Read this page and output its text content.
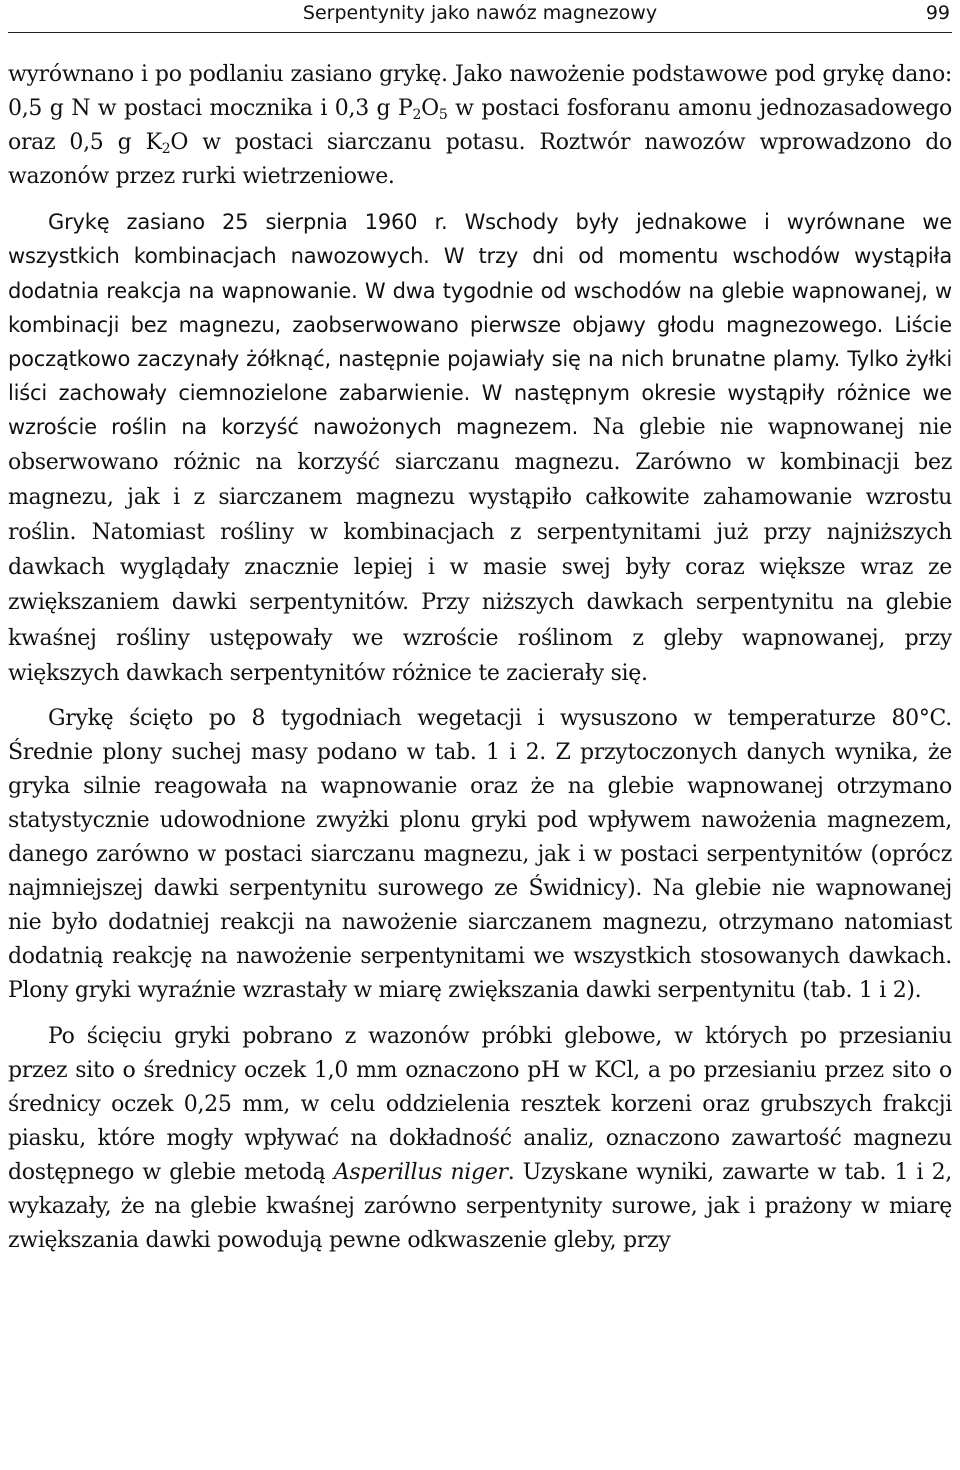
Serpentynity jako nawóz magnezowy	99

wyrównano i po podlaniu zasiano grykę. Jako nawożenie podstawowe pod grykę dano: 0,5 g N w postaci mocznika i 0,3 g $P_2O_5$ w postaci fosforanu amonu jednozasadowego oraz 0,5 g $K_2O$ w postaci siarczanu potasu. Roztwór nawozów wprowadzono do wazonów przez rurki wietrzeniowe.

Grykę zasiano 25 sierpnia 1960 r. Wschody były jednakowe i wyrównane we wszystkich kombinacjach nawozowych. W trzy dni od momentu wschodów wystąpiła dodatnia reakcja na wapnowanie. W dwa tygodnie od wschodów na glebie wapnowanej, w kombinacji bez magnezu, zaobserwowano pierwsze objawy głodu magnezowego. Liście początkowo zaczynały żółknąć, następnie pojawiały się na nich brunatne plamy. Tylko żyłki liści zachowały ciemnozielone zabarwienie. W następnym okresie wystąpiły różnice we wzroście roślin na korzyść nawożonych magnezem. Na glebie nie wapnowanej nie obserwowano różnic na korzyść siarczanu magnezu. Zarówno w kombinacji bez magnezu, jak i z siarczanem magnezu wystąpiło całkowite zahamowanie wzrostu roślin. Natomiast rośliny w kombinacjach z serpentynitami już przy najniższych dawkach wyglądały znacznie lepiej i w masie swej były coraz większe wraz ze zwiększaniem dawki serpentynitów. Przy niższych dawkach serpentynitu na glebie kwaśnej rośliny ustępowały we wzroście roślinom z gleby wapnowanej, przy większych dawkach serpentynitów różnice te zacierały się.

Grykę ścięto po 8 tygodniach wegetacji i wysuszono w temperaturze 80°C. Średnie plony suchej masy podano w tab. 1 i 2. Z przytoczonych danych wynika, że gryka silnie reagowała na wapnowanie oraz że na glebie wapnowanej otrzymano statystycznie udowodnione zwyżki plonu gryki pod wpływem nawożenia magnezem, danego zarówno w postaci siarczanu magnezu, jak i w postaci serpentynitów (oprócz najmniejszej dawki serpentynitu surowego ze Świdnicy). Na glebie nie wapnowanej nie było dodatniej reakcji na nawożenie siarczanem magnezu, otrzymano natomiast dodatnią reakcję na nawożenie serpentynitami we wszystkich stosowanych dawkach. Plony gryki wyraźnie wzrastały w miarę zwiększania dawki serpentynitu (tab. 1 i 2).

Po ścięciu gryki pobrano z wazonów próbki glebowe, w których po przesianiu przez sito o średnicy oczek 1,0 mm oznaczono pH w KCl, a po przesianiu przez sito o średnicy oczek 0,25 mm, w celu oddzielenia resztek korzeni oraz grubszych frakcji piasku, które mogły wpływać na dokładność analiz, oznaczono zawartość magnezu dostępnego w glebie metodą Asperillus niger. Uzyskane wyniki, zawarte w tab. 1 i 2, wykazały, że na glebie kwaśnej zarówno serpentynity surowe, jak i prażony w miarę zwiększania dawki powodują pewne odkwaszenie gleby, przy
